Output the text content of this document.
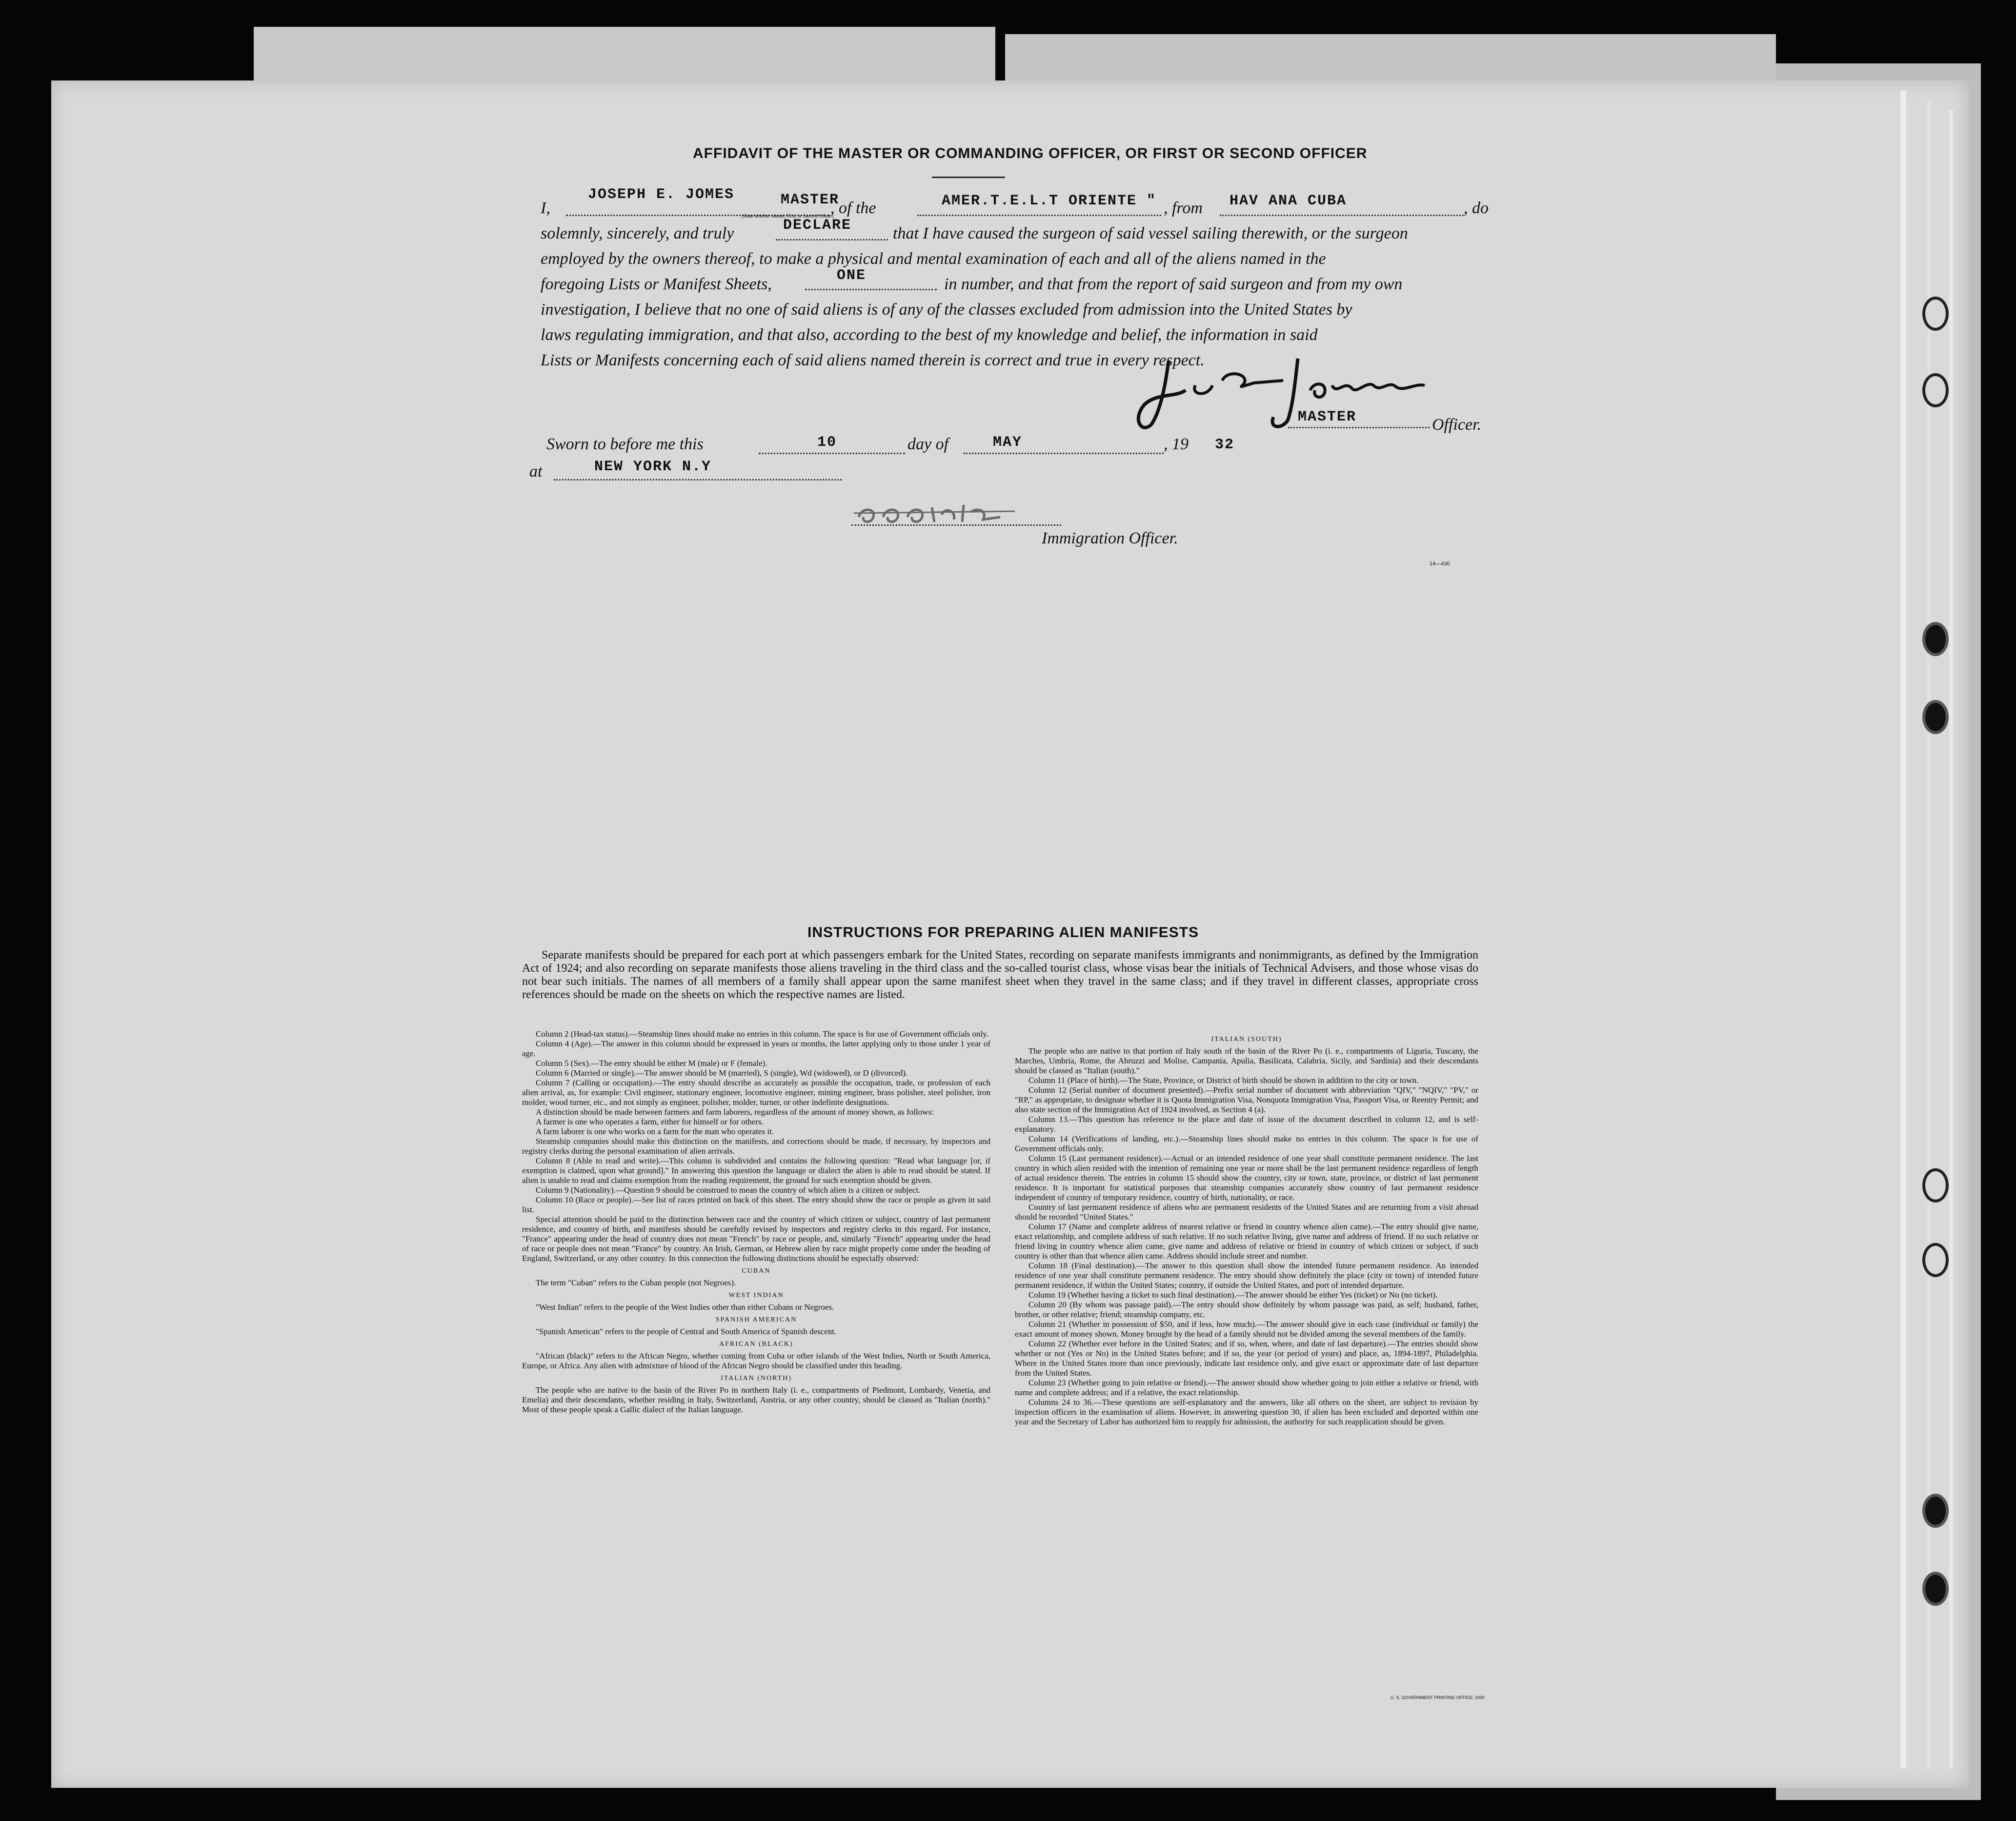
AFFIDAVIT OF THE MASTER OR COMMANDING OFFICER, OR FIRST OR SECOND OFFICER
I,
JOSEPH E. JOMES	MASTER
, of the	AMER.T.E.L.T ORIENTE " , from HAV ANA CUBA	, do
(State whether Master, First, or Second Officer)
solemnly, sincerely, and truly	DECLARE that I have caused the surgeon of said vessel sailing therewith, or the surgeon
employed by the owners thereof, to make a physical and mental examination of each and all of the aliens named in the
foregoing Lists or Manifest Sheets,	ONE	in number, and that from the report of said surgeon and from my own
investigation, I believe that no one of said aliens is of any of the classes excluded from admission into the United States by
laws regulating immigration, and that also, according to the best of my knowledge and belief, the information in said
Lists or Manifests concerning each of said aliens named therein is correct and true in every respect.
MASTER	Officer.
Sworn to before me this	10	day of	MAY	, 19 32
at	NEW YORK N.Y
Immigration Officer.
14—430
INSTRUCTIONS FOR PREPARING ALIEN MANIFESTS
Separate manifests should be prepared for each port at which passengers embark for the United States, recording on separate manifests immigrants and nonimmigrants, as defined by the Immigration Act of 1924; and also recording on separate manifests those aliens traveling in the third class and the so-called tourist class, whose visas bear the initials of Technical Advisers, and those whose visas do not bear such initials. The names of all members of a family shall appear upon the same manifest sheet when they travel in the same class; and if they travel in different classes, appropriate cross references should be made on the sheets on which the respective names are listed.

Column 2 (Head-tax status).—Steamship lines should make no entries in this column. The space is for use of Government officials only.

Column 4 (Age).—The answer in this column should be expressed in years or months, the latter applying only to those under 1 year of age.

Column 5 (Sex).—The entry should be either M (male) or F (female).

Column 6 (Married or single).—The answer should be M (married), S (single), Wd (widowed), or D (divorced).

Column 7 (Calling or occupation).—The entry should describe as accurately as possible the occupation, trade, or profession of each alien arrival, as, for example: Civil engineer, stationary engineer, locomotive engineer, mining engineer, brass polisher, steel polisher, iron molder, wood turner, etc., and not simply as engineer, polisher, molder, turner, or other indefinite designations.

A distinction should be made between farmers and farm laborers, regardless of the amount of money shown, as follows:

A farmer is one who operates a farm, either for himself or for others.

A farm laborer is one who works on a farm for the man who operates it.

Steamship companies should make this distinction on the manifests, and corrections should be made, if necessary, by inspectors and registry clerks during the personal examination of alien arrivals.

Column 8 (Able to read and write).—This column is subdivided and contains the following question: "Read what language [or, if exemption is claimed, upon what ground]." In answering this question the language or dialect the alien is able to read should be stated. If alien is unable to read and claims exemption from the reading requirement, the ground for such exemption should be given.

Column 9 (Nationality).—Question 9 should be construed to mean the country of which alien is a citizen or subject.

Column 10 (Race or people).—See list of races printed on back of this sheet. The entry should show the race or people as given in said list.

Special attention should be paid to the distinction between race and the country of which citizen or subject, country of last permanent residence, and country of birth, and manifests should be carefully revised by inspectors and registry clerks in this regard. For instance, "France" appearing under the head of country does not mean "French" by race or people, and, similarly "French" appearing under the head of race or people does not mean "France" by country. An Irish, German, or Hebrew alien by race might properly come under the heading of England, Switzerland, or any other country. In this connection the following distinctions should be especially observed:

CUBAN

The term "Cuban" refers to the Cuban people (not Negroes).

WEST INDIAN

"West Indian" refers to the people of the West Indies other than either Cubans or Negroes.

SPANISH AMERICAN

"Spanish American" refers to the people of Central and South America of Spanish descent.

AFRICAN (BLACK)

"African (black)" refers to the African Negro, whether coming from Cuba or other islands of the West Indies, North or South America, Europe, or Africa. Any alien with admixture of blood of the African Negro should be classified under this heading.

ITALIAN (NORTH)

The people who are native to the basin of the River Po in northern Italy (i. e., compartments of Piedmont, Lombardy, Venetia, and Emelia) and their descendants, whether residing in Italy, Switzerland, Austria, or any other country, should be classed as "Italian (north)." Most of these people speak a Gallic dialect of the Italian language.

ITALIAN (SOUTH)

The people who are native to that portion of Italy south of the basin of the River Po (i. e., compartments of Liguria, Tuscany, the Marches, Umbria, Rome, the Abruzzi and Molise, Campania, Apulia, Basilicata, Calabria, Sicily, and Sardinia) and their descendants should be classed as "Italian (south)."

Column 11 (Place of birth).—The State, Province, or District of birth should be shown in addition to the city or town.

Column 12 (Serial number of document presented).—Prefix serial number of document with abbreviation "QIV," "NQIV," "PV," or "RP," as appropriate, to designate whether it is Quota Immigration Visa, Nonquota Immigration Visa, Passport Visa, or Reentry Permit; and also state section of the Immigration Act of 1924 involved, as Section 4 (a).

Column 13.—This question has reference to the place and date of issue of the document described in column 12, and is self-explanatory.

Column 14 (Verifications of landing, etc.).—Steamship lines should make no entries in this column. The space is for use of Government officials only.

Column 15 (Last permanent residence).—Actual or an intended residence of one year shall constitute permanent residence. The last country in which alien resided with the intention of remaining one year or more shall be the last permanent residence regardless of length of actual residence therein. The entries in column 15 should show the country, city or town, state, province, or district of last permanent residence. It is important for statistical purposes that steamship companies accurately show country of last permanent residence independent of country of temporary residence, country of birth, nationality, or race.

Country of last permanent residence of aliens who are permanent residents of the United States and are returning from a visit abroad should be recorded "United States."

Column 17 (Name and complete address of nearest relative or friend in country whence alien came).—The entry should give name, exact relationship, and complete address of such relative. If no such relative living, give name and address of friend. If no such relative or friend living in country whence alien came, give name and address of relative or friend in country of which citizen or subject, if such country is other than that whence alien came. Address should include street and number.

Column 18 (Final destination).—The answer to this question shall show the intended future permanent residence. An intended residence of one year shall constitute permanent residence. The entry should show definitely the place (city or town) of intended future permanent residence, if within the United States; country, if outside the United States, and port of intended departure.

Column 19 (Whether having a ticket to such final destination).—The answer should be either Yes (ticket) or No (no ticket).

Column 20 (By whom was passage paid).—The entry should show definitely by whom passage was paid, as self; husband, father, brother, or other relative; friend; steamship company, etc.

Column 21 (Whether in possession of $50, and if less, how much).—The answer should give in each case (individual or family) the exact amount of money shown. Money brought by the head of a family should not be divided among the several members of the family.

Column 22 (Whether ever before in the United States; and if so, when, where, and date of last departure).—The entries should show whether or not (Yes or No) in the United States before; and if so, the year (or period of years) and place, as, 1894-1897, Philadelphia. Where in the United States more than once previously, indicate last residence only, and give exact or approximate date of last departure from the United States.

Column 23 (Whether going to join relative or friend).—The answer should show whether going to join either a relative or friend, with name and complete address; and if a relative, the exact relationship.

Columns 24 to 36.—These questions are self-explanatory and the answers, like all others on the sheet, are subject to revision by inspection officers in the examination of aliens. However, in answering question 30, if alien has been excluded and deported within one year and the Secretary of Labor has authorized him to reapply for admission, the authority for such reapplication should be given.

U. S. GOVERNMENT PRINTING OFFICE: 1930
